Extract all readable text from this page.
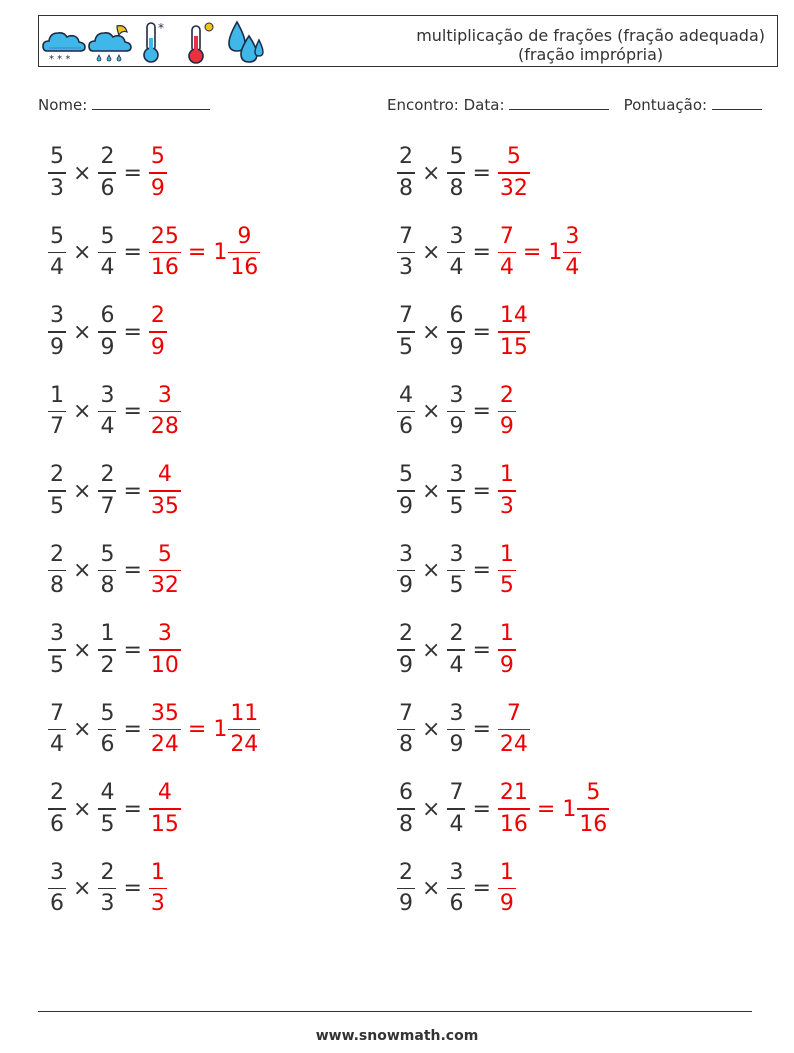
* * *
*	multiplicação de frações (fração adequada)
(fração imprópria)
Nome:	Encontro: Data:	Pontuação:
$\frac{5}{3} \times \frac{2}{6} = \frac{5}{9}$	$\frac{2}{8} \times \frac{5}{8} = \frac{5}{32}$
$\frac{5}{4} \times \frac{5}{4} = \frac{25}{16} = 1 \frac{9}{16}$	$\frac{7}{3} \times \frac{3}{4} = \frac{7}{4} = 1 \frac{3}{4}$
$\frac{3}{9} \times \frac{6}{9} = \frac{2}{9}$	$\frac{7}{5} \times \frac{6}{9} = \frac{14}{15}$
$\frac{1}{7} \times \frac{3}{4} = \frac{3}{28}$	$\frac{4}{6} \times \frac{3}{9} = \frac{2}{9}$
$\frac{2}{5} \times \frac{2}{7} = \frac{4}{35}$	$\frac{5}{9} \times \frac{3}{5} = \frac{1}{3}$
$\frac{2}{8} \times \frac{5}{8} = \frac{5}{32}$	$\frac{3}{9} \times \frac{3}{5} = \frac{1}{5}$
$\frac{3}{5} \times \frac{1}{2} = \frac{3}{10}$	$\frac{2}{9} \times \frac{2}{4} = \frac{1}{9}$
$\frac{7}{4} \times \frac{5}{6} = \frac{35}{24} = 1 \frac{11}{24}$	$\frac{7}{8} \times \frac{3}{9} = \frac{7}{24}$
$\frac{2}{6} \times \frac{4}{5} = \frac{4}{15}$	$\frac{6}{8} \times \frac{7}{4} = \frac{21}{16} = 1 \frac{5}{16}$
$\frac{3}{6} \times \frac{2}{3} = \frac{1}{3}$	$\frac{2}{9} \times \frac{3}{6} = \frac{1}{9}$
www.snowmath.com
